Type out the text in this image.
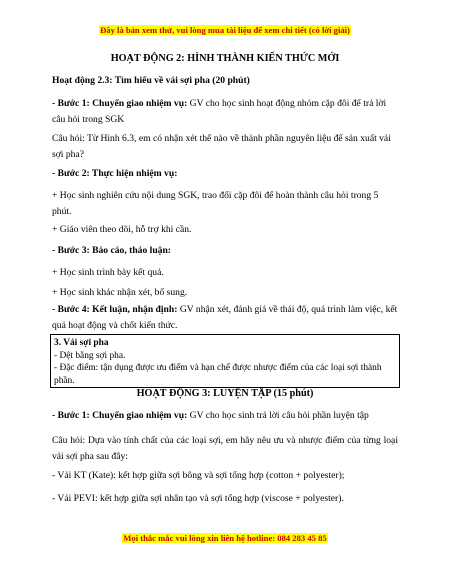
Đây là bản xem thử, vui lòng mua tài liệu để xem chi tiết (có lời giải)
HOẠT ĐỘNG 2: HÌNH THÀNH KIẾN THỨC MỚI
Hoạt động 2.3: Tìm hiểu về vải sợi pha (20 phút)
- Bước 1: Chuyển giao nhiệm vụ: GV cho học sinh hoạt động nhóm cặp đôi để trả lời câu hỏi trong SGK
Câu hỏi: Từ Hình 6.3, em có nhận xét thế nào về thành phần nguyên liệu để sản xuất vải sợi pha?
- Bước 2: Thực hiện nhiệm vụ:
+ Học sinh nghiên cứu nội dung SGK, trao đổi cặp đôi để hoàn thành câu hỏi trong 5 phút.
+ Giáo viên theo dõi, hỗ trợ khi cần.
- Bước 3: Báo cáo, thảo luận:
+ Học sinh trình bày kết quả.
+ Học sinh khác nhận xét, bổ sung.
- Bước 4: Kết luận, nhận định: GV nhận xét, đánh giá về thái độ, quá trình làm việc, kết quả hoạt động và chốt kiến thức.
3. Vải sợi pha
- Dệt bằng sợi pha.
- Đặc điểm: tận dụng được ưu điểm và hạn chế được nhược điểm của các loại sợi thành phần.
HOẠT ĐỘNG 3: LUYỆN TẬP (15 phút)
- Bước 1: Chuyển giao nhiệm vụ: GV cho học sinh trả lời câu hỏi phần luyện tập
Câu hỏi: Dựa vào tính chất của các loại sợi, em hãy nêu ưu và nhược điểm của từng loại vải sợi pha sau đây:
- Vải KT (Kate): kết hợp giữa sợi bông và sợi tổng hợp (cotton + polyester);
- Vải PEVI: kết hợp giữa sợi nhân tạo và sợi tổng hợp (viscose + polyester).
Mọi thắc mắc vui lòng xin liên hệ hotline: 084 283 45 85
